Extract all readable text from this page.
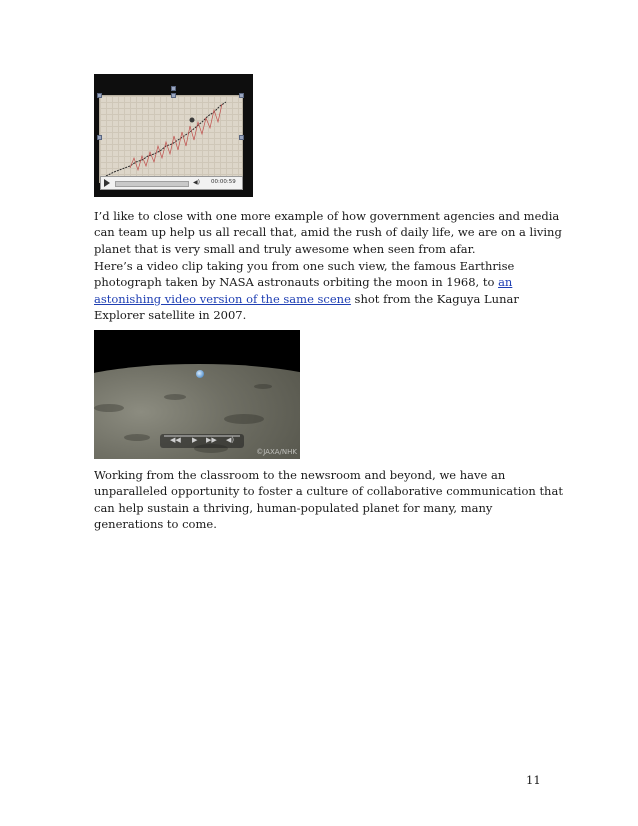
◀) 00:00:59

I’d like to close with one more example of how government agencies and media can team up help us all recall that, amid the rush of daily life, we are on a living planet that is very small and truly awesome when seen from afar.

Here’s a video clip taking you from one such view, the famous Earthrise photograph taken by NASA astronauts orbiting the moon in 1968, to an astonishing video version of the same scene shot from the Kaguya Lunar Explorer satellite in 2007.

◀◀ ▶ ▶▶ ◀)
©JAXA/NHK

Working from the classroom to the newsroom and beyond, we have an unparalleled opportunity to foster a culture of collaborative communication that can help sustain a thriving, human-populated planet for many, many generations to come.

11
